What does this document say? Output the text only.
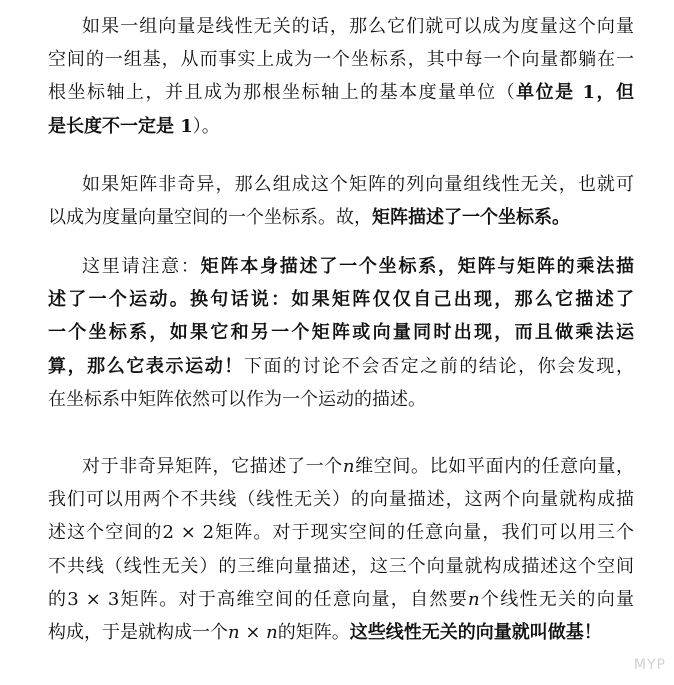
如果一组向量是线性无关的话，那么它们就可以成为度量这个向量
空间的一组基，从而事实上成为一个坐标系，其中每一个向量都躺在一
根坐标轴上，并且成为那根坐标轴上的基本度量单位（单位是 1，但
是长度不一定是 1）。
如果矩阵非奇异，那么组成这个矩阵的列向量组线性无关，也就可
以成为度量向量空间的一个坐标系。故，矩阵描述了一个坐标系。
这里请注意：矩阵本身描述了一个坐标系，矩阵与矩阵的乘法描
述了一个运动。换句话说：如果矩阵仅仅自己出现，那么它描述了
一个坐标系，如果它和另一个矩阵或向量同时出现，而且做乘法运
算，那么它表示运动！下面的讨论不会否定之前的结论，你会发现，
在坐标系中矩阵依然可以作为一个运动的描述。
对于非奇异矩阵，它描述了一个n维空间。比如平面内的任意向量，
我们可以用两个不共线（线性无关）的向量描述，这两个向量就构成描
述这个空间的2 × 2矩阵。对于现实空间的任意向量，我们可以用三个
不共线（线性无关）的三维向量描述，这三个向量就构成描述这个空间
的3 × 3矩阵。对于高维空间的任意向量，自然要n个线性无关的向量
构成，于是就构成一个n × n的矩阵。这些线性无关的向量就叫做基！
MYP
